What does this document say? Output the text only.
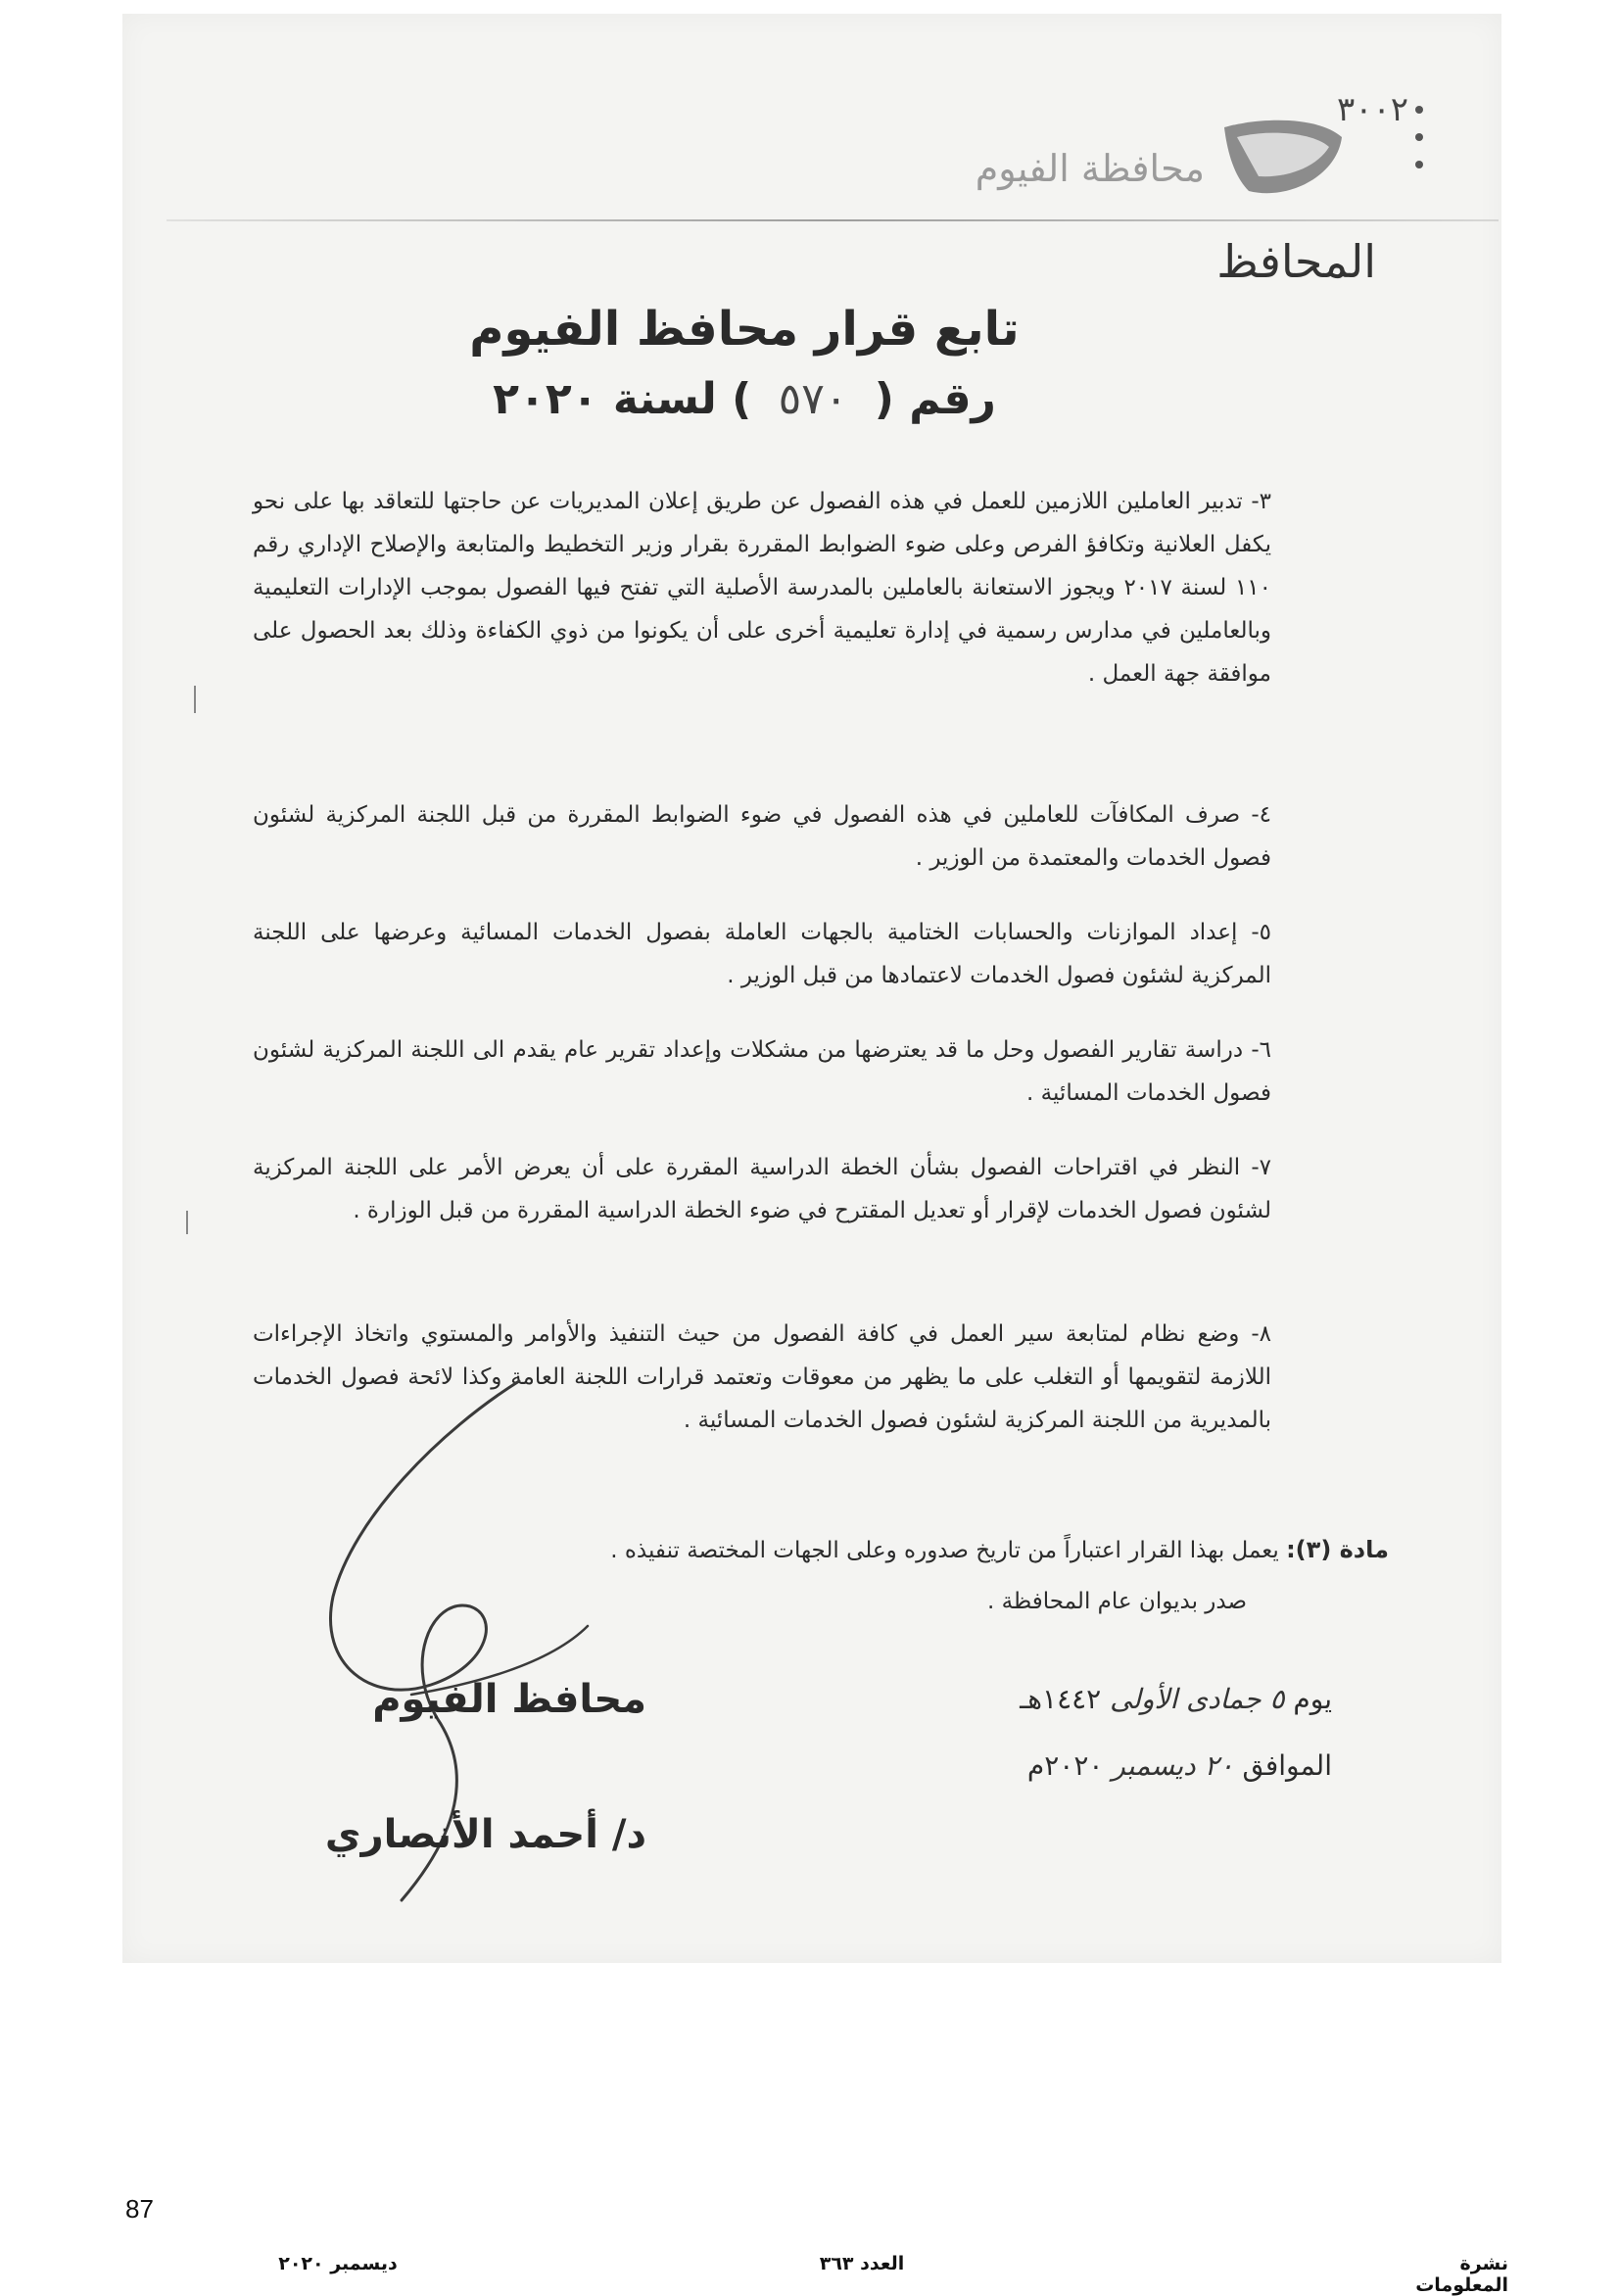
٣٠٠٢
محافظة الفيوم
المحافظ
تابع قرار محافظ الفيوم
رقم ( ٥٧٠ ) لسنة ٢٠٢٠
٣- تدبير العاملين اللازمين للعمل في هذه الفصول عن طريق إعلان المديريات عن حاجتها للتعاقد بها على نحو يكفل العلانية وتكافؤ الفرص وعلى ضوء الضوابط المقررة بقرار وزير التخطيط والمتابعة والإصلاح الإداري رقم ١١٠ لسنة ٢٠١٧ ويجوز الاستعانة بالعاملين بالمدرسة الأصلية التي تفتح فيها الفصول بموجب الإدارات التعليمية وبالعاملين في مدارس رسمية في إدارة تعليمية أخرى على أن يكونوا من ذوي الكفاءة وذلك بعد الحصول على موافقة جهة العمل .
٤- صرف المكافآت للعاملين في هذه الفصول في ضوء الضوابط المقررة من قبل اللجنة المركزية لشئون فصول الخدمات والمعتمدة من الوزير .
٥- إعداد الموازنات والحسابات الختامية بالجهات العاملة بفصول الخدمات المسائية وعرضها على اللجنة المركزية لشئون فصول الخدمات لاعتمادها من قبل الوزير .
٦- دراسة تقارير الفصول وحل ما قد يعترضها من مشكلات وإعداد تقرير عام يقدم الى اللجنة المركزية لشئون فصول الخدمات المسائية .
٧- النظر في اقتراحات الفصول بشأن الخطة الدراسية المقررة على أن يعرض الأمر على اللجنة المركزية لشئون فصول الخدمات لإقرار أو تعديل المقترح في ضوء الخطة الدراسية المقررة من قبل الوزارة .
٨- وضع نظام لمتابعة سير العمل في كافة الفصول من حيث التنفيذ والأوامر والمستوي واتخاذ الإجراءات اللازمة لتقويمها أو التغلب على ما يظهر من معوقات وتعتمد قرارات اللجنة العامة وكذا لائحة فصول الخدمات بالمديرية من اللجنة المركزية لشئون فصول الخدمات المسائية .
مادة (٣): يعمل بهذا القرار اعتباراً من تاريخ صدوره وعلى الجهات المختصة تنفيذه .
صدر بديوان عام المحافظة .
محافظ الفيوم
د/ أحمد الأنصاري
يوم ٥ جمادى الأولى ١٤٤٢هـ
الموافق ٢٠ ديسمبر ٢٠٢٠م
87
نشرة المعلومات
العدد ٣٦٣
ديسمبر ٢٠٢٠
